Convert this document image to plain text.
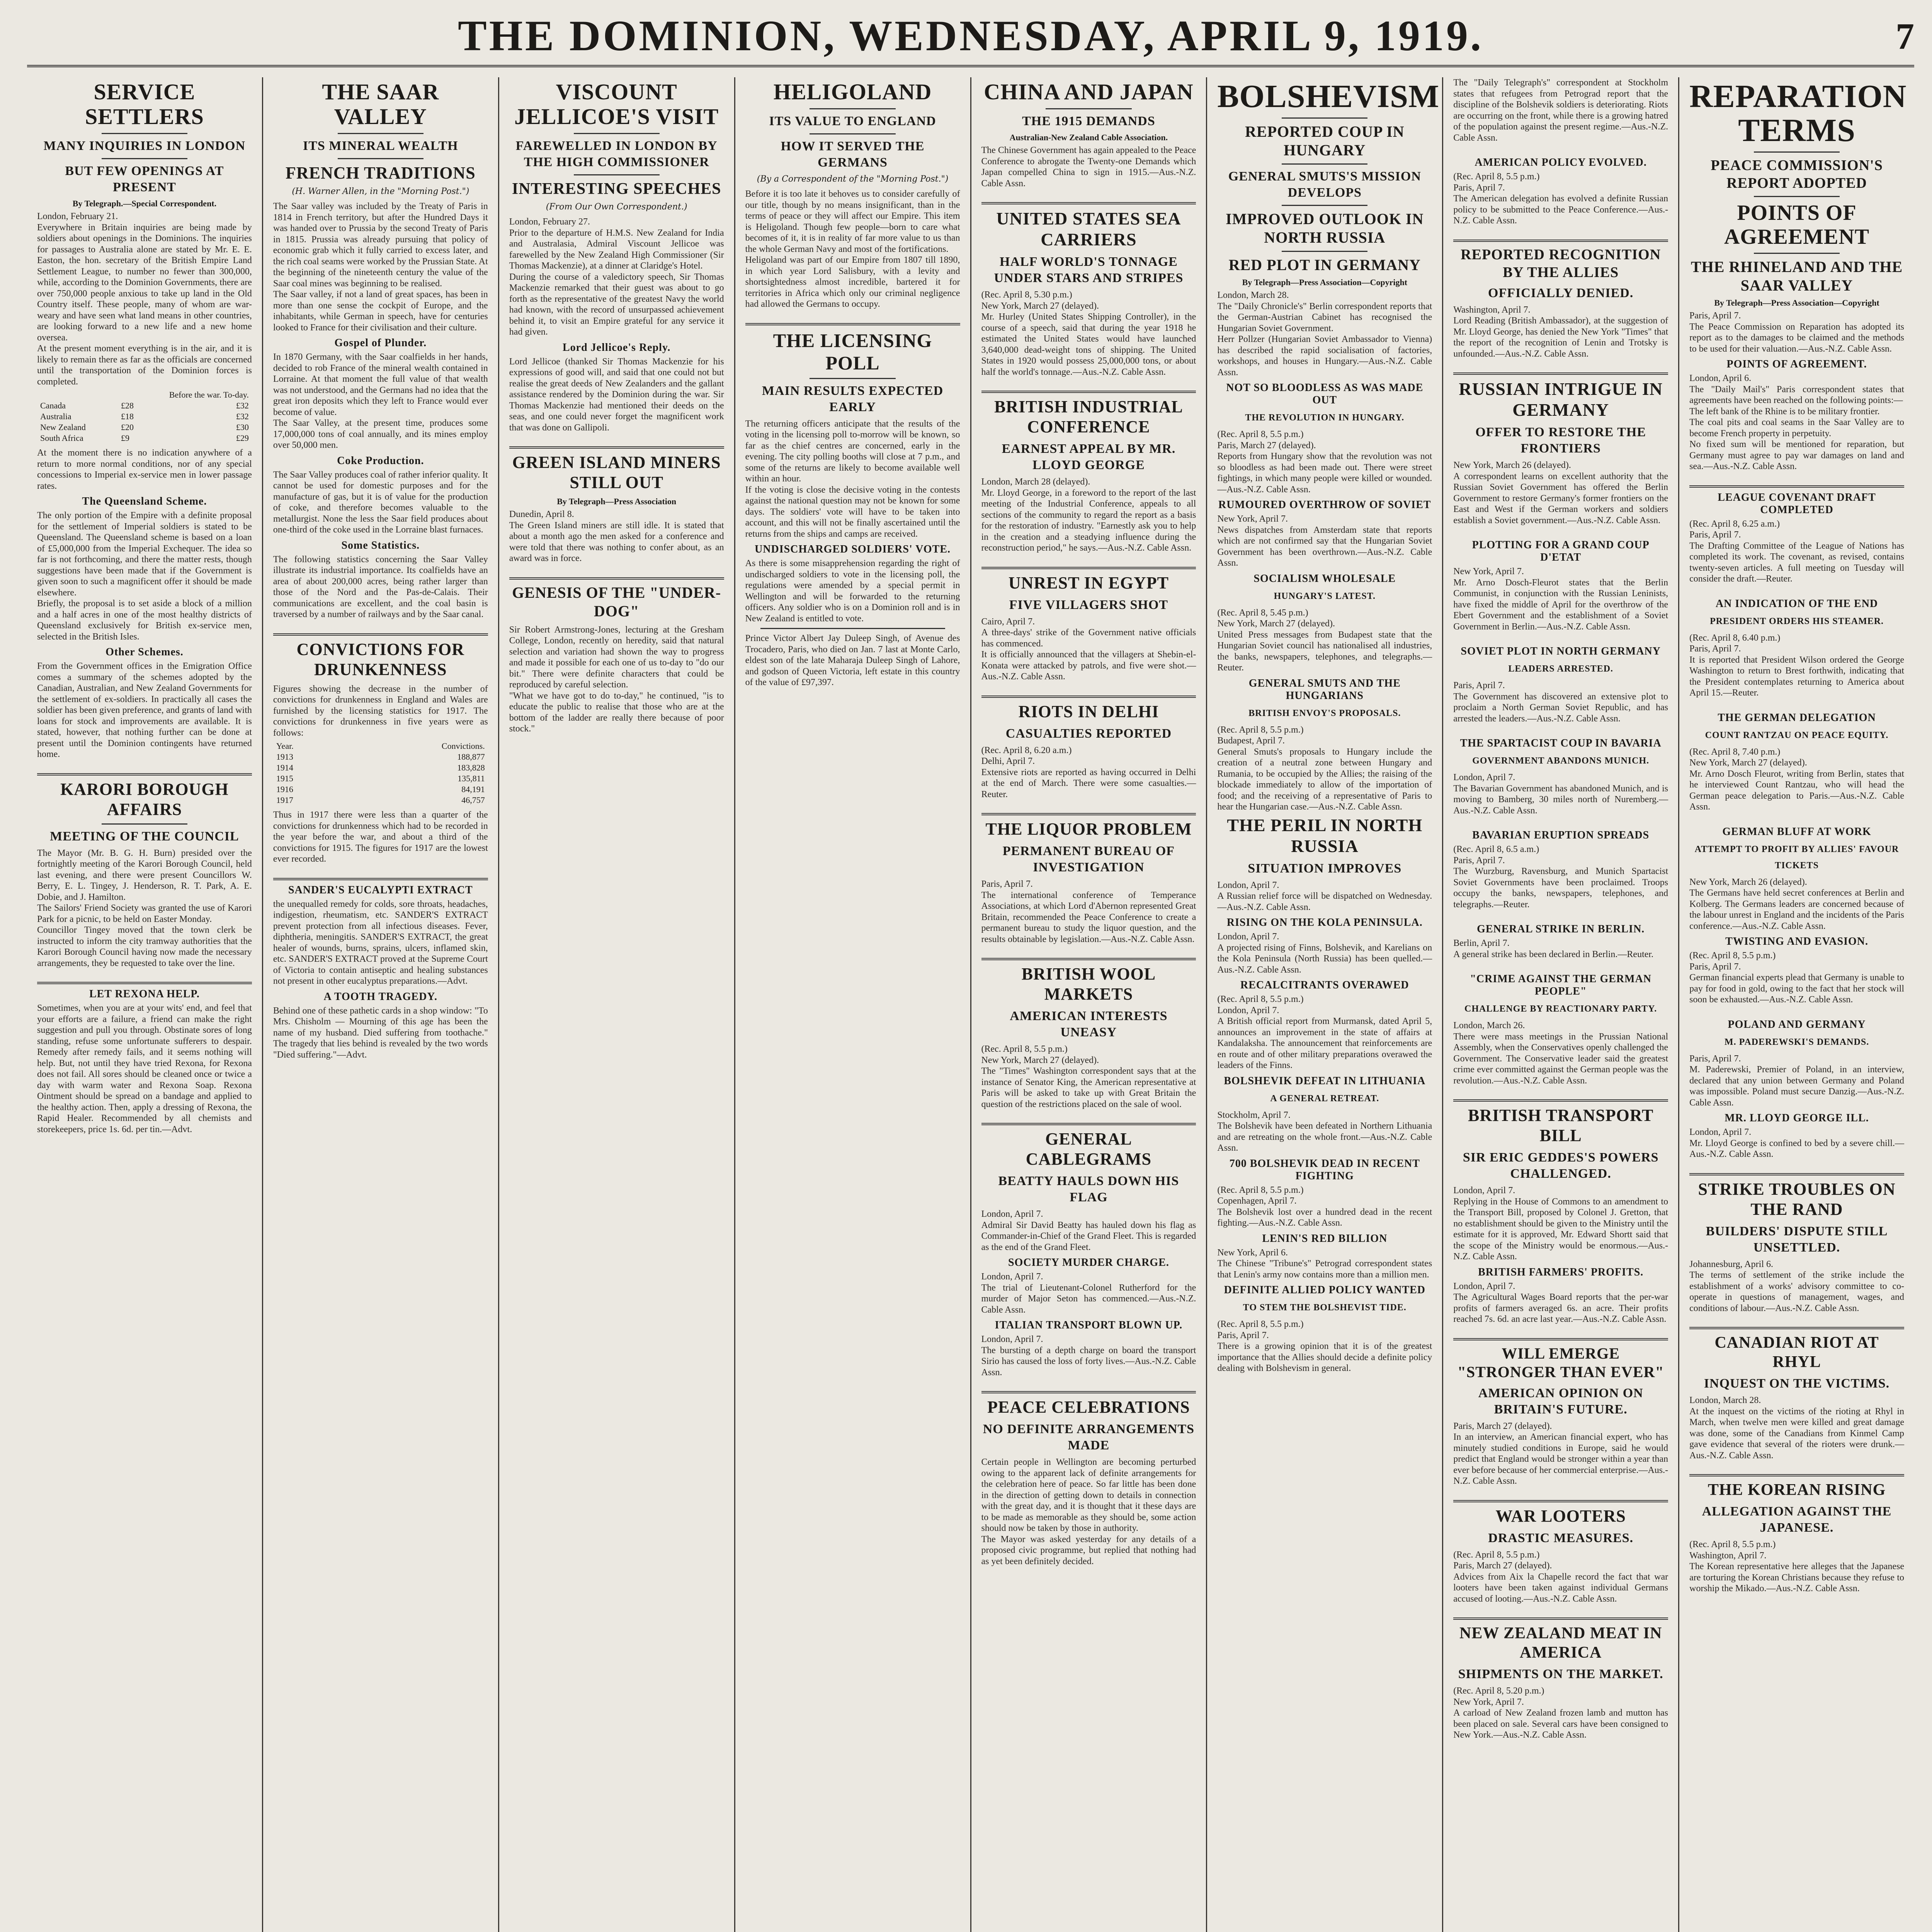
THE DOMINION, WEDNESDAY, APRIL 9, 1919.	7
SERVICE SETTLERS
MANY INQUIRIES IN LONDON
BUT FEW OPENINGS AT PRESENT
By Telegraph.—Special Correspondent.
London, February 21.
Everywhere in Britain inquiries are being made by soldiers about openings in the Dominions. The inquiries for passages to Australia alone are stated by Mr. E. E. Easton, the hon. secretary of the British Empire Land Settlement League, to number no fewer than 300,000, while, according to the Dominion Governments, there are over 750,000 people anxious to take up land in the Old Country itself. These people, many of whom are war-weary and have seen what land means in other countries, are looking forward to a new life and a new home oversea.
At the present moment everything is in the air, and it is likely to remain there as far as the officials are concerned until the transportation of the Dominion forces is completed.
	Before the war. To-day.	
Canada	£28	£32
Australia	£18	£32
New Zealand	£20	£30
South Africa	£9	£29
At the moment there is no indication anywhere of a return to more normal conditions, nor of any special concessions to Imperial ex-service men in lower passage rates.
The Queensland Scheme.
The only portion of the Empire with a definite proposal for the settlement of Imperial soldiers is stated to be Queensland. The Queensland scheme is based on a loan of £5,000,000 from the Imperial Exchequer. The idea so far is not forthcoming, and there the matter rests, though suggestions have been made that if the Government is given soon to such a magnificent offer it should be made elsewhere.
Briefly, the proposal is to set aside a block of a million and a half acres in one of the most healthy districts of Queensland exclusively for British ex-service men, selected in the British Isles.
Other Schemes.
From the Government offices in the Emigration Office comes a summary of the schemes adopted by the Canadian, Australian, and New Zealand Governments for the settlement of ex-soldiers. In practically all cases the soldier has been given preference, and grants of land with loans for stock and improvements are available. It is stated, however, that nothing further can be done at present until the Dominion contingents have returned home.
KARORI BOROUGH AFFAIRS
MEETING OF THE COUNCIL
The Mayor (Mr. B. G. H. Burn) presided over the fortnightly meeting of the Karori Borough Council, held last evening, and there were present Councillors W. Berry, E. L. Tingey, J. Henderson, R. T. Park, A. E. Dobie, and J. Hamilton.
The Sailors' Friend Society was granted the use of Karori Park for a picnic, to be held on Easter Monday.
Councillor Tingey moved that the town clerk be instructed to inform the city tramway authorities that the Karori Borough Council having now made the necessary arrangements, they be requested to take over the line.
LET REXONA HELP.
Sometimes, when you are at your wits' end, and feel that your efforts are a failure, a friend can make the right suggestion and pull you through. Obstinate sores of long standing, refuse some unfortunate sufferers to despair. Remedy after remedy fails, and it seems nothing will help. But, not until they have tried Rexona, for Rexona does not fail. All sores should be cleaned once or twice a day with warm water and Rexona Soap. Rexona Ointment should be spread on a bandage and applied to the healthy action. Then, apply a dressing of Rexona, the Rapid Healer. Recommended by all chemists and storekeepers, price 1s. 6d. per tin.—Advt.
THE SAAR VALLEY
ITS MINERAL WEALTH
FRENCH TRADITIONS
(H. Warner Allen, in the "Morning Post.")
The Saar valley was included by the Treaty of Paris in 1814 in French territory, but after the Hundred Days it was handed over to Prussia by the second Treaty of Paris in 1815. Prussia was already pursuing that policy of economic grab which it fully carried to excess later, and the rich coal seams were worked by the Prussian State. At the beginning of the nineteenth century the value of the Saar coal mines was beginning to be realised.
The Saar valley, if not a land of great spaces, has been in more than one sense the cockpit of Europe, and the inhabitants, while German in speech, have for centuries looked to France for their civilisation and their culture.
Gospel of Plunder.
In 1870 Germany, with the Saar coalfields in her hands, decided to rob France of the mineral wealth contained in Lorraine. At that moment the full value of that wealth was not understood, and the Germans had no idea that the great iron deposits which they left to France would ever become of value.
The Saar Valley, at the present time, produces some 17,000,000 tons of coal annually, and its mines employ over 50,000 men.
Coke Production.
The Saar Valley produces coal of rather inferior quality. It cannot be used for domestic purposes and for the manufacture of gas, but it is of value for the production of coke, and therefore becomes valuable to the metallurgist. None the less the Saar field produces about one-third of the coke used in the Lorraine blast furnaces.
Some Statistics.
The following statistics concerning the Saar Valley illustrate its industrial importance. Its coalfields have an area of about 200,000 acres, being rather larger than those of the Nord and the Pas-de-Calais. Their communications are excellent, and the coal basin is traversed by a number of railways and by the Saar canal.
CONVICTIONS FOR DRUNKENNESS
Figures showing the decrease in the number of convictions for drunkenness in England and Wales are furnished by the licensing statistics for 1917. The convictions for drunkenness in five years were as follows:
Year.	Convictions.
1913	188,877
1914	183,828
1915	135,811
1916	84,191
1917	46,757
Thus in 1917 there were less than a quarter of the convictions for drunkenness which had to be recorded in the year before the war, and about a third of the convictions for 1915. The figures for 1917 are the lowest ever recorded.
SANDER'S EUCALYPTI EXTRACT
the unequalled remedy for colds, sore throats, headaches, indigestion, rheumatism, etc. SANDER'S EXTRACT prevent protection from all infectious diseases. Fever, diphtheria, meningitis. SANDER'S EXTRACT, the great healer of wounds, burns, sprains, ulcers, inflamed skin, etc. SANDER'S EXTRACT proved at the Supreme Court of Victoria to contain antiseptic and healing substances not present in other eucalyptus preparations.—Advt.
A TOOTH TRAGEDY.
Behind one of these pathetic cards in a shop window: "To Mrs. Chisholm — Mourning of this age has been the name of my husband. Died suffering from toothache." The tragedy that lies behind is revealed by the two words "Died suffering."—Advt.
VISCOUNT JELLICOE'S VISIT
FAREWELLED IN LONDON BY THE HIGH COMMISSIONER
INTERESTING SPEECHES
(From Our Own Correspondent.)
London, February 27.
Prior to the departure of H.M.S. New Zealand for India and Australasia, Admiral Viscount Jellicoe was farewelled by the New Zealand High Commissioner (Sir Thomas Mackenzie), at a dinner at Claridge's Hotel.
During the course of a valedictory speech, Sir Thomas Mackenzie remarked that their guest was about to go forth as the representative of the greatest Navy the world had known, with the record of unsurpassed achievement behind it, to visit an Empire grateful for any service it had given.
Lord Jellicoe's Reply.
Lord Jellicoe (thanked Sir Thomas Mackenzie for his expressions of good will, and said that one could not but realise the great deeds of New Zealanders and the gallant assistance rendered by the Dominion during the war. Sir Thomas Mackenzie had mentioned their deeds on the seas, and one could never forget the magnificent work that was done on Gallipoli.
GREEN ISLAND MINERS STILL OUT
By Telegraph—Press Association
Dunedin, April 8.
The Green Island miners are still idle. It is stated that about a month ago the men asked for a conference and were told that there was nothing to confer about, as an award was in force.
GENESIS OF THE "UNDER-DOG"
Sir Robert Armstrong-Jones, lecturing at the Gresham College, London, recently on heredity, said that natural selection and variation had shown the way to progress and made it possible for each one of us to-day to "do our bit." There were definite characters that could be reproduced by careful selection.
"What we have got to do to-day," he continued, "is to educate the public to realise that those who are at the bottom of the ladder are really there because of poor stock."
HELIGOLAND
ITS VALUE TO ENGLAND
HOW IT SERVED THE GERMANS
(By a Correspondent of the "Morning Post.")
Before it is too late it behoves us to consider carefully of our title, though by no means insignificant, than in the terms of peace or they will affect our Empire. This item is Heligoland. Though few people—born to care what becomes of it, it is in reality of far more value to us than the whole German Navy and most of the fortifications.
Heligoland was part of our Empire from 1807 till 1890, in which year Lord Salisbury, with a levity and shortsightedness almost incredible, bartered it for territories in Africa which only our criminal negligence had allowed the Germans to occupy.
THE LICENSING POLL
MAIN RESULTS EXPECTED EARLY
The returning officers anticipate that the results of the voting in the licensing poll to-morrow will be known, so far as the chief centres are concerned, early in the evening. The city polling booths will close at 7 p.m., and some of the returns are likely to become available well within an hour.
If the voting is close the decisive voting in the contests against the national question may not be known for some days. The soldiers' vote will have to be taken into account, and this will not be finally ascertained until the returns from the ships and camps are received.
UNDISCHARGED SOLDIERS' VOTE.
As there is some misapprehension regarding the right of undischarged soldiers to vote in the licensing poll, the regulations were amended by a special permit in Wellington and will be forwarded to the returning officers. Any soldier who is on a Dominion roll and is in New Zealand is entitled to vote.
Prince Victor Albert Jay Duleep Singh, of Avenue des Trocadero, Paris, who died on Jan. 7 last at Monte Carlo, eldest son of the late Maharaja Duleep Singh of Lahore, and godson of Queen Victoria, left estate in this country of the value of £97,397.
CHINA AND JAPAN
THE 1915 DEMANDS
Australian-New Zealand Cable Association.
The Chinese Government has again appealed to the Peace Conference to abrogate the Twenty-one Demands which Japan compelled China to sign in 1915.—Aus.-N.Z. Cable Assn.
UNITED STATES SEA CARRIERS
HALF WORLD'S TONNAGE UNDER STARS AND STRIPES
(Rec. April 8, 5.30 p.m.)
New York, March 27 (delayed).
Mr. Hurley (United States Shipping Controller), in the course of a speech, said that during the year 1918 he estimated the United States would have launched 3,640,000 dead-weight tons of shipping. The United States in 1920 would possess 25,000,000 tons, or about half the world's tonnage.—Aus.-N.Z. Cable Assn.
BRITISH INDUSTRIAL CONFERENCE
EARNEST APPEAL BY MR. LLOYD GEORGE
London, March 28 (delayed).
Mr. Lloyd George, in a foreword to the report of the last meeting of the Industrial Conference, appeals to all sections of the community to regard the report as a basis for the restoration of industry. "Earnestly ask you to help in the creation and a steadying influence during the reconstruction period," he says.—Aus.-N.Z. Cable Assn.
UNREST IN EGYPT
FIVE VILLAGERS SHOT
Cairo, April 7.
A three-days' strike of the Government native officials has commenced.
It is officially announced that the villagers at Shebin-el-Konata were attacked by patrols, and five were shot.—Aus.-N.Z. Cable Assn.
RIOTS IN DELHI
CASUALTIES REPORTED
(Rec. April 8, 6.20 a.m.)
Delhi, April 7.
Extensive riots are reported as having occurred in Delhi at the end of March. There were some casualties.—Reuter.
THE LIQUOR PROBLEM
PERMANENT BUREAU OF INVESTIGATION
Paris, April 7.
The international conference of Temperance Associations, at which Lord d'Abernon represented Great Britain, recommended the Peace Conference to create a permanent bureau to study the liquor question, and the results obtainable by legislation.—Aus.-N.Z. Cable Assn.
BRITISH WOOL MARKETS
AMERICAN INTERESTS UNEASY
(Rec. April 8, 5.5 p.m.)
New York, March 27 (delayed).
The "Times" Washington correspondent says that at the instance of Senator King, the American representative at Paris will be asked to take up with Great Britain the question of the restrictions placed on the sale of wool.
GENERAL CABLEGRAMS
BEATTY HAULS DOWN HIS FLAG
London, April 7.
Admiral Sir David Beatty has hauled down his flag as Commander-in-Chief of the Grand Fleet. This is regarded as the end of the Grand Fleet.
SOCIETY MURDER CHARGE.
London, April 7.
The trial of Lieutenant-Colonel Rutherford for the murder of Major Seton has commenced.—Aus.-N.Z. Cable Assn.
ITALIAN TRANSPORT BLOWN UP.
London, April 7.
The bursting of a depth charge on board the transport Sirio has caused the loss of forty lives.—Aus.-N.Z. Cable Assn.
PEACE CELEBRATIONS
NO DEFINITE ARRANGEMENTS MADE
Certain people in Wellington are becoming perturbed owing to the apparent lack of definite arrangements for the celebration here of peace. So far little has been done in the direction of getting down to details in connection with the great day, and it is thought that it these days are to be made as memorable as they should be, some action should now be taken by those in authority.
The Mayor was asked yesterday for any details of a proposed civic programme, but replied that nothing had as yet been definitely decided.
BOLSHEVISM
REPORTED COUP IN HUNGARY
GENERAL SMUTS'S MISSION DEVELOPS
IMPROVED OUTLOOK IN NORTH RUSSIA
RED PLOT IN GERMANY
By Telegraph—Press Association—Copyright
London, March 28.
The "Daily Chronicle's" Berlin correspondent reports that the German-Austrian Cabinet has recognised the Hungarian Soviet Government.
Herr Pollzer (Hungarian Soviet Ambassador to Vienna) has described the rapid socialisation of factories, workshops, and houses in Hungary.—Aus.-N.Z. Cable Assn.
NOT SO BLOODLESS AS WAS MADE OUT
THE REVOLUTION IN HUNGARY.
(Rec. April 8, 5.5 p.m.)
Paris, March 27 (delayed).
Reports from Hungary show that the revolution was not so bloodless as had been made out. There were street fightings, in which many people were killed or wounded.—Aus.-N.Z. Cable Assn.
RUMOURED OVERTHROW OF SOVIET
New York, April 7.
News dispatches from Amsterdam state that reports which are not confirmed say that the Hungarian Soviet Government has been overthrown.—Aus.-N.Z. Cable Assn.
SOCIALISM WHOLESALE
HUNGARY'S LATEST.
(Rec. April 8, 5.45 p.m.)
New York, March 27 (delayed).
United Press messages from Budapest state that the Hungarian Soviet council has nationalised all industries, the banks, newspapers, telephones, and telegraphs.—Reuter.
GENERAL SMUTS AND THE HUNGARIANS
BRITISH ENVOY'S PROPOSALS.
(Rec. April 8, 5.5 p.m.)
Budapest, April 7.
General Smuts's proposals to Hungary include the creation of a neutral zone between Hungary and Rumania, to be occupied by the Allies; the raising of the blockade immediately to allow of the importation of food; and the receiving of a representative of Paris to hear the Hungarian case.—Aus.-N.Z. Cable Assn.
THE PERIL IN NORTH RUSSIA
SITUATION IMPROVES
London, April 7.
A Russian relief force will be dispatched on Wednesday.—Aus.-N.Z. Cable Assn.
RISING ON THE KOLA PENINSULA.
London, April 7.
A projected rising of Finns, Bolshevik, and Karelians on the Kola Peninsula (North Russia) has been quelled.—Aus.-N.Z. Cable Assn.
RECALCITRANTS OVERAWED
(Rec. April 8, 5.5 p.m.)
London, April 7.
A British official report from Murmansk, dated April 5, announces an improvement in the state of affairs at Kandalaksha. The announcement that reinforcements are en route and of other military preparations overawed the leaders of the Finns.
BOLSHEVIK DEFEAT IN LITHUANIA
A GENERAL RETREAT.
Stockholm, April 7.
The Bolshevik have been defeated in Northern Lithuania and are retreating on the whole front.—Aus.-N.Z. Cable Assn.
700 BOLSHEVIK DEAD IN RECENT FIGHTING
(Rec. April 8, 5.5 p.m.)
Copenhagen, April 7.
The Bolshevik lost over a hundred dead in the recent fighting.—Aus.-N.Z. Cable Assn.
LENIN'S RED BILLION
New York, April 6.
The Chinese "Tribune's" Petrograd correspondent states that Lenin's army now contains more than a million men.
DEFINITE ALLIED POLICY WANTED
TO STEM THE BOLSHEVIST TIDE.
(Rec. April 8, 5.5 p.m.)
Paris, April 7.
There is a growing opinion that it is of the greatest importance that the Allies should decide a definite policy dealing with Bolshevism in general.
The "Daily Telegraph's" correspondent at Stockholm states that refugees from Petrograd report that the discipline of the Bolshevik soldiers is deteriorating. Riots are occurring on the front, while there is a growing hatred of the population against the present regime.—Aus.-N.Z. Cable Assn.
AMERICAN POLICY EVOLVED.
(Rec. April 8, 5.5 p.m.)
Paris, April 7.
The American delegation has evolved a definite Russian policy to be submitted to the Peace Conference.—Aus.-N.Z. Cable Assn.
REPORTED RECOGNITION BY THE ALLIES
OFFICIALLY DENIED.
Washington, April 7.
Lord Reading (British Ambassador), at the suggestion of Mr. Lloyd George, has denied the New York "Times" that the report of the recognition of Lenin and Trotsky is unfounded.—Aus.-N.Z. Cable Assn.
RUSSIAN INTRIGUE IN GERMANY
OFFER TO RESTORE THE FRONTIERS
New York, March 26 (delayed).
A correspondent learns on excellent authority that the Russian Soviet Government has offered the Berlin Government to restore Germany's former frontiers on the East and West if the German workers and soldiers establish a Soviet government.—Aus.-N.Z. Cable Assn.
PLOTTING FOR A GRAND COUP D'ETAT
New York, April 7.
Mr. Arno Dosch-Fleurot states that the Berlin Communist, in conjunction with the Russian Leninists, have fixed the middle of April for the overthrow of the Ebert Government and the establishment of a Soviet Government in Berlin.—Aus.-N.Z. Cable Assn.
SOVIET PLOT IN NORTH GERMANY
LEADERS ARRESTED.
Paris, April 7.
The Government has discovered an extensive plot to proclaim a North German Soviet Republic, and has arrested the leaders.—Aus.-N.Z. Cable Assn.
THE SPARTACIST COUP IN BAVARIA
GOVERNMENT ABANDONS MUNICH.
London, April 7.
The Bavarian Government has abandoned Munich, and is moving to Bamberg, 30 miles north of Nuremberg.—Aus.-N.Z. Cable Assn.
BAVARIAN ERUPTION SPREADS
(Rec. April 8, 6.5 a.m.)
Paris, April 7.
The Wurzburg, Ravensburg, and Munich Spartacist Soviet Governments have been proclaimed. Troops occupy the banks, newspapers, telephones, and telegraphs.—Reuter.
GENERAL STRIKE IN BERLIN.
Berlin, April 7.
A general strike has been declared in Berlin.—Reuter.
"CRIME AGAINST THE GERMAN PEOPLE"
CHALLENGE BY REACTIONARY PARTY.
London, March 26.
There were mass meetings in the Prussian National Assembly, when the Conservatives openly challenged the Government. The Conservative leader said the greatest crime ever committed against the German people was the revolution.—Aus.-N.Z. Cable Assn.
BRITISH TRANSPORT BILL
SIR ERIC GEDDES'S POWERS CHALLENGED.
London, April 7.
Replying in the House of Commons to an amendment to the Transport Bill, proposed by Colonel J. Gretton, that no establishment should be given to the Ministry until the estimate for it is approved, Mr. Edward Shortt said that the scope of the Ministry would be enormous.—Aus.-N.Z. Cable Assn.
BRITISH FARMERS' PROFITS.
London, April 7.
The Agricultural Wages Board reports that the per-war profits of farmers averaged 6s. an acre. Their profits reached 7s. 6d. an acre last year.—Aus.-N.Z. Cable Assn.
WILL EMERGE "STRONGER THAN EVER"
AMERICAN OPINION ON BRITAIN'S FUTURE.
Paris, March 27 (delayed).
In an interview, an American financial expert, who has minutely studied conditions in Europe, said he would predict that England would be stronger within a year than ever before because of her commercial enterprise.—Aus.-N.Z. Cable Assn.
WAR LOOTERS
DRASTIC MEASURES.
(Rec. April 8, 5.5 p.m.)
Paris, March 27 (delayed).
Advices from Aix la Chapelle record the fact that war looters have been taken against individual Germans accused of looting.—Aus.-N.Z. Cable Assn.
NEW ZEALAND MEAT IN AMERICA
SHIPMENTS ON THE MARKET.
(Rec. April 8, 5.20 p.m.)
New York, April 7.
A carload of New Zealand frozen lamb and mutton has been placed on sale. Several cars have been consigned to New York.—Aus.-N.Z. Cable Assn.
REPARATION TERMS
PEACE COMMISSION'S REPORT ADOPTED
POINTS OF AGREEMENT
THE RHINELAND AND THE SAAR VALLEY
By Telegraph—Press Association—Copyright
Paris, April 7.
The Peace Commission on Reparation has adopted its report as to the damages to be claimed and the methods to be used for their valuation.—Aus.-N.Z. Cable Assn.
POINTS OF AGREEMENT.
London, April 6.
The "Daily Mail's" Paris correspondent states that agreements have been reached on the following points:—
The left bank of the Rhine is to be military frontier.
The coal pits and coal seams in the Saar Valley are to become French property in perpetuity.
No fixed sum will be mentioned for reparation, but Germany must agree to pay war damages on land and sea.—Aus.-N.Z. Cable Assn.
LEAGUE COVENANT DRAFT COMPLETED
(Rec. April 8, 6.25 a.m.)
Paris, April 7.
The Drafting Committee of the League of Nations has completed its work. The covenant, as revised, contains twenty-seven articles. A full meeting on Tuesday will consider the draft.—Reuter.
AN INDICATION OF THE END
PRESIDENT ORDERS HIS STEAMER.
(Rec. April 8, 6.40 p.m.)
Paris, April 7.
It is reported that President Wilson ordered the George Washington to return to Brest forthwith, indicating that the President contemplates returning to America about April 15.—Reuter.
THE GERMAN DELEGATION
COUNT RANTZAU ON PEACE EQUITY.
(Rec. April 8, 7.40 p.m.)
New York, March 27 (delayed).
Mr. Arno Dosch Fleurot, writing from Berlin, states that he interviewed Count Rantzau, who will head the German peace delegation to Paris.—Aus.-N.Z. Cable Assn.
GERMAN BLUFF AT WORK
ATTEMPT TO PROFIT BY ALLIES' FAVOUR TICKETS
New York, March 26 (delayed).
The Germans have held secret conferences at Berlin and Kolberg. The Germans leaders are concerned because of the labour unrest in England and the incidents of the Paris conference.—Aus.-N.Z. Cable Assn.
TWISTING AND EVASION.
(Rec. April 8, 5.5 p.m.)
Paris, April 7.
German financial experts plead that Germany is unable to pay for food in gold, owing to the fact that her stock will soon be exhausted.—Aus.-N.Z. Cable Assn.
POLAND AND GERMANY
M. PADEREWSKI'S DEMANDS.
Paris, April 7.
M. Paderewski, Premier of Poland, in an interview, declared that any union between Germany and Poland was impossible. Poland must secure Danzig.—Aus.-N.Z. Cable Assn.
MR. LLOYD GEORGE ILL.
London, April 7.
Mr. Lloyd George is confined to bed by a severe chill.—Aus.-N.Z. Cable Assn.
STRIKE TROUBLES ON THE RAND
BUILDERS' DISPUTE STILL UNSETTLED.
Johannesburg, April 6.
The terms of settlement of the strike include the establishment of a works' advisory committee to co-operate in questions of management, wages, and conditions of labour.—Aus.-N.Z. Cable Assn.
CANADIAN RIOT AT RHYL
INQUEST ON THE VICTIMS.
London, March 28.
At the inquest on the victims of the rioting at Rhyl in March, when twelve men were killed and great damage was done, some of the Canadians from Kinmel Camp gave evidence that several of the rioters were drunk.—Aus.-N.Z. Cable Assn.
THE KOREAN RISING
ALLEGATION AGAINST THE JAPANESE.
(Rec. April 8, 5.5 p.m.)
Washington, April 7.
The Korean representative here alleges that the Japanese are torturing the Korean Christians because they refuse to worship the Mikado.—Aus.-N.Z. Cable Assn.
